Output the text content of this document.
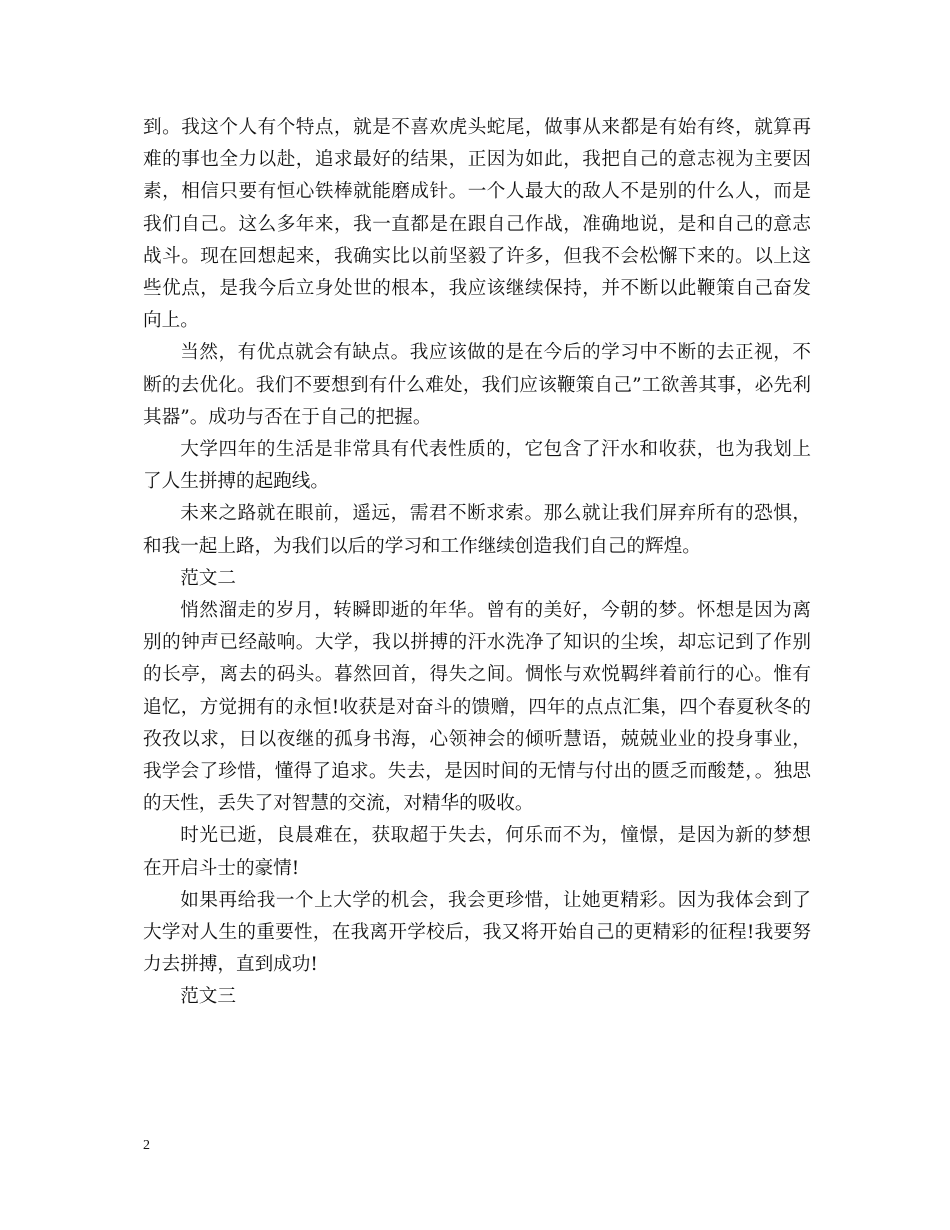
到。我这个人有个特点，就是不喜欢虎头蛇尾，做事从来都是有始有终，就算再难的事也全力以赴，追求最好的结果，正因为如此，我把自己的意志视为主要因素，相信只要有恒心铁棒就能磨成针。一个人最大的敌人不是别的什么人，而是我们自己。这么多年来，我一直都是在跟自己作战，准确地说，是和自己的意志战斗。现在回想起来，我确实比以前坚毅了许多，但我不会松懈下来的。以上这些优点，是我今后立身处世的根本，我应该继续保持，并不断以此鞭策自己奋发向上。

当然，有优点就会有缺点。我应该做的是在今后的学习中不断的去正视，不断的去优化。我们不要想到有什么难处，我们应该鞭策自己”工欲善其事，必先利其器”。成功与否在于自己的把握。

大学四年的生活是非常具有代表性质的，它包含了汗水和收获，也为我划上了人生拼搏的起跑线。

未来之路就在眼前，遥远，需君不断求索。那么就让我们屏弃所有的恐惧，和我一起上路，为我们以后的学习和工作继续创造我们自己的辉煌。

范文二

悄然溜走的岁月，转瞬即逝的年华。曾有的美好，今朝的梦。怀想是因为离别的钟声已经敲响。大学，我以拼搏的汗水洗净了知识的尘埃，却忘记到了作别的长亭，离去的码头。暮然回首，得失之间。惆怅与欢悦羁绊着前行的心。惟有追忆，方觉拥有的永恒!收获是对奋斗的馈赠，四年的点点汇集，四个春夏秋冬的孜孜以求，日以夜继的孤身书海，心领神会的倾听慧语，兢兢业业的投身事业，我学会了珍惜，懂得了追求。失去，是因时间的无情与付出的匮乏而酸楚，。独思的天性，丢失了对智慧的交流，对精华的吸收。

时光已逝，良晨难在，获取超于失去，何乐而不为，憧憬，是因为新的梦想在开启斗士的豪情!

如果再给我一个上大学的机会，我会更珍惜，让她更精彩。因为我体会到了大学对人生的重要性，在我离开学校后，我又将开始自己的更精彩的征程!我要努力去拼搏，直到成功!

范文三

2
